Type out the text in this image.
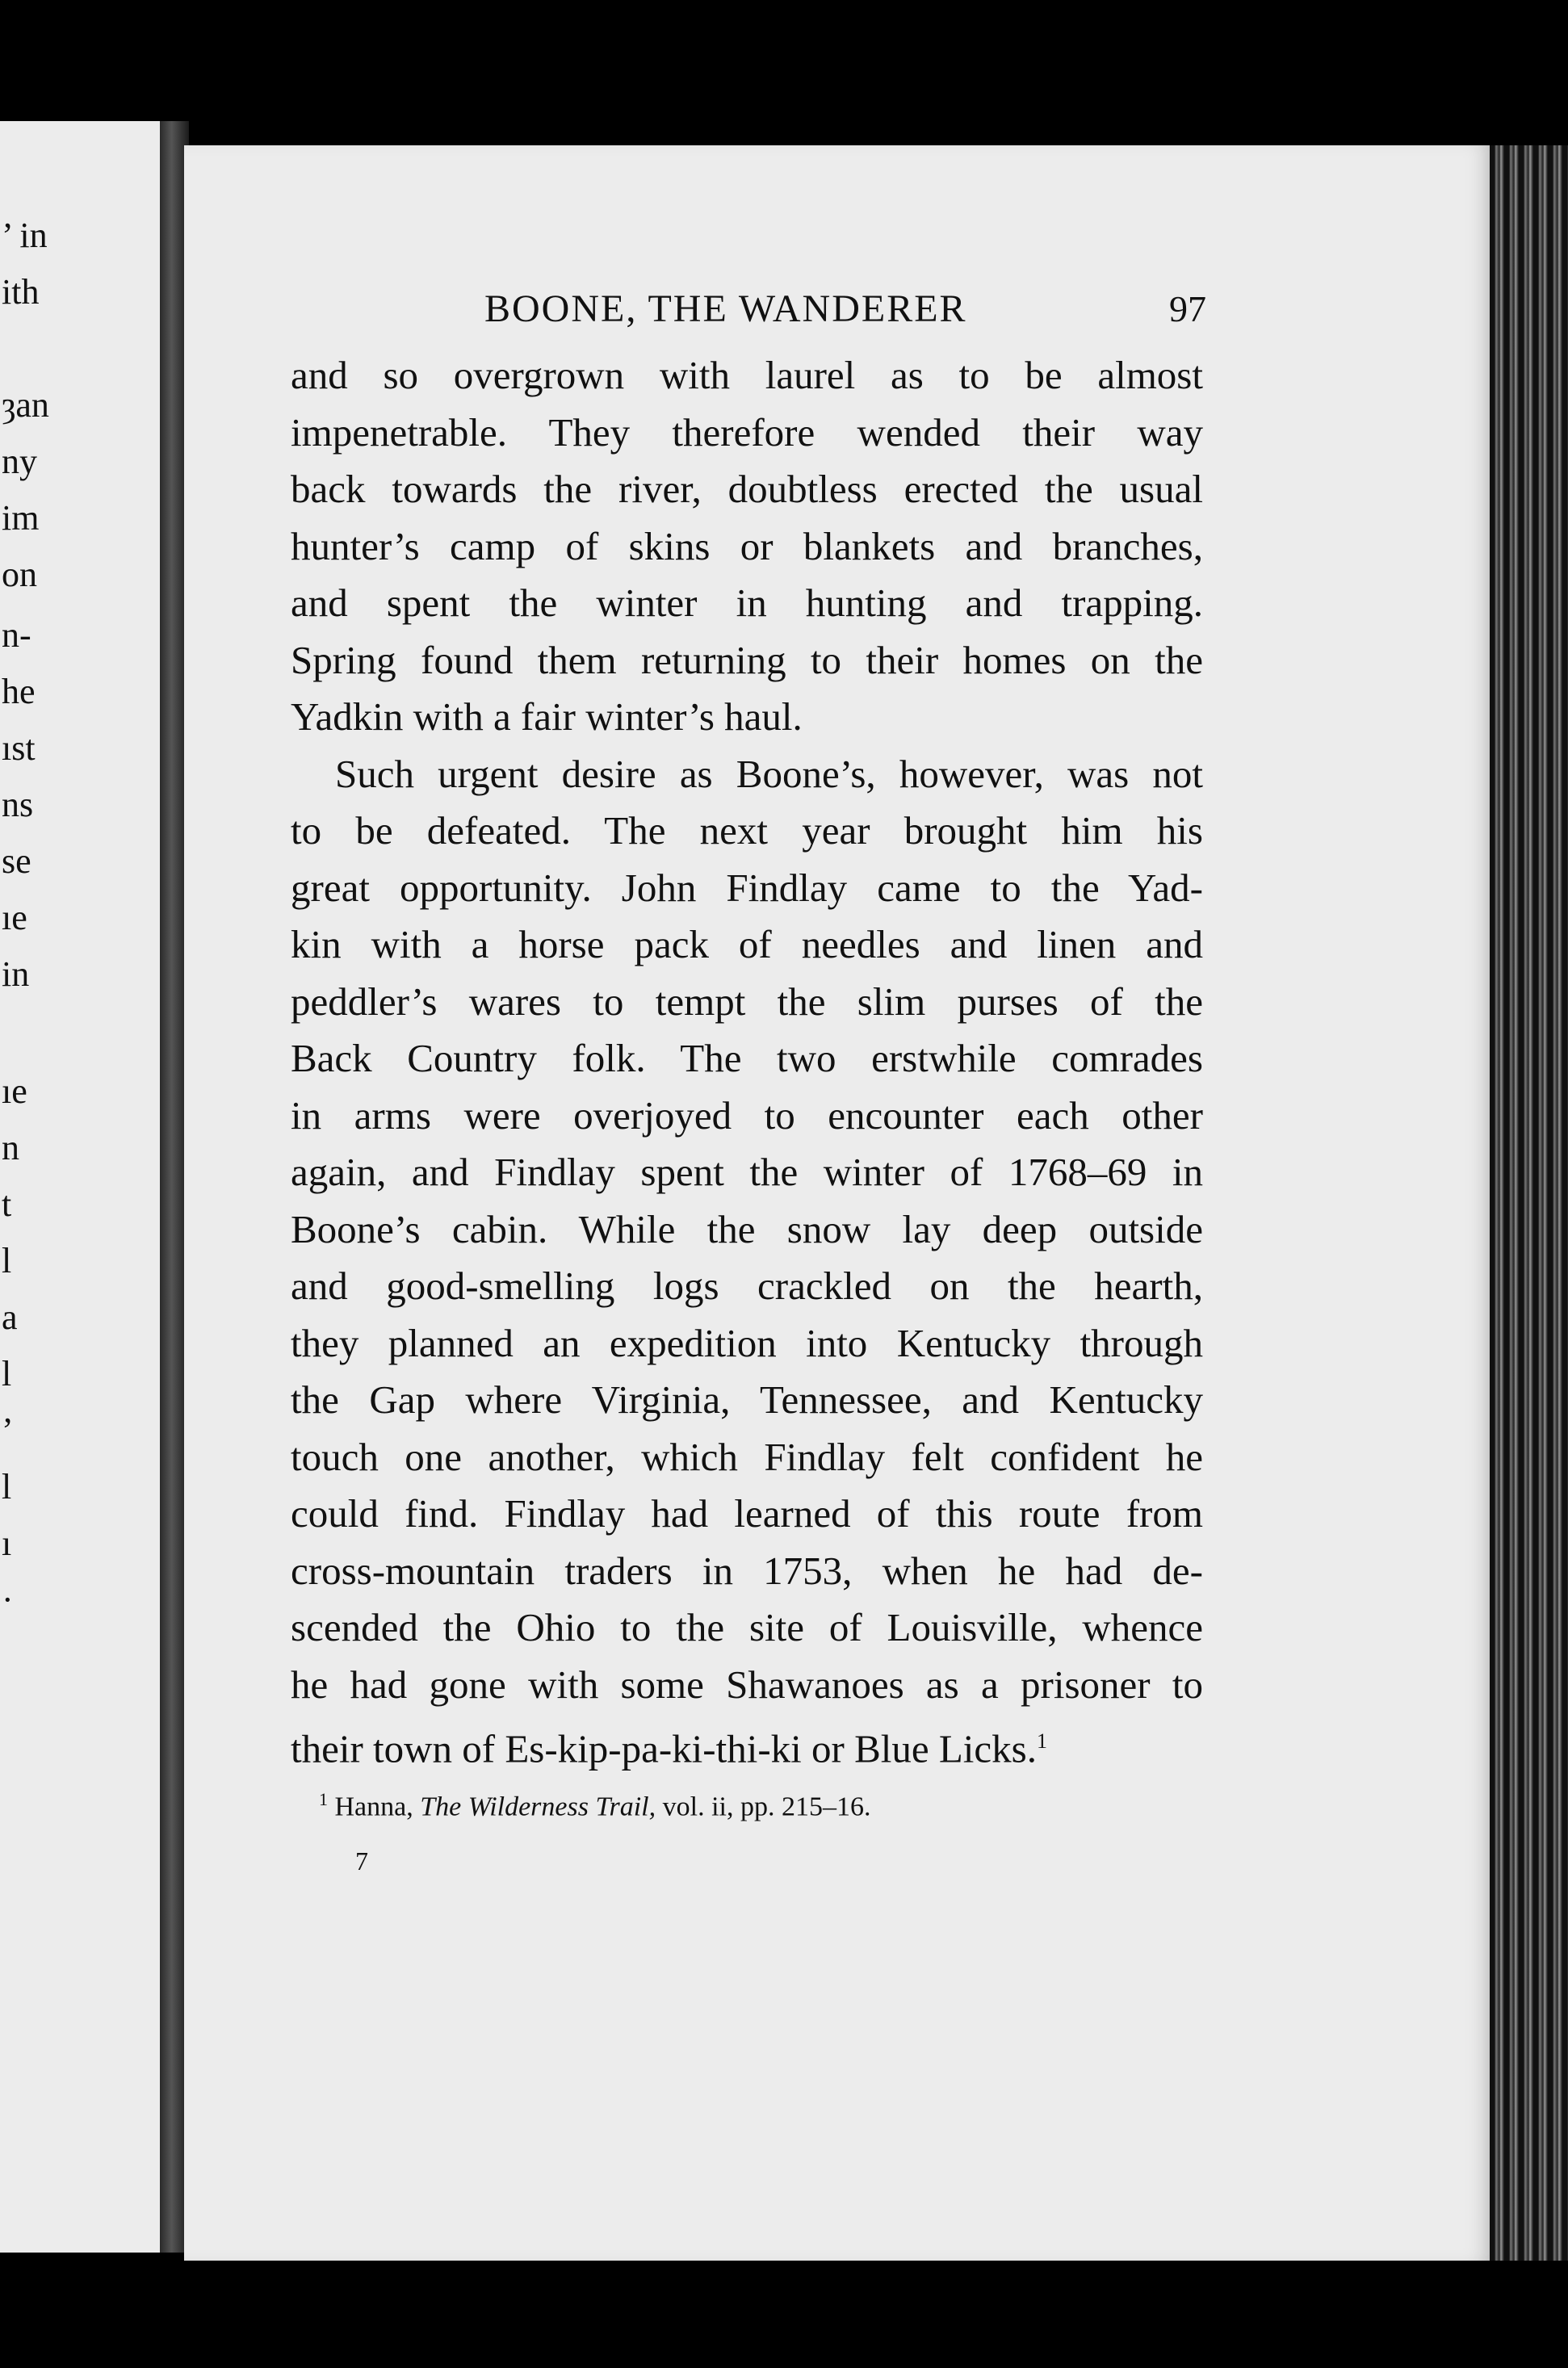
’ in
ith
ȝan
ny
im
on
n-
he
ıst
ns
se
ıe
in
ıe
n
t
l
a
l
’
l
ı
·
BOONE, THE WANDERER	97
and so overgrown with laurel as to be almost
impenetrable. They therefore wended their way
back towards the river, doubtless erected the usual
hunter’s camp of skins or blankets and branches,
and spent the winter in hunting and trapping.
Spring found them returning to their homes on the
Yadkin with a fair winter’s haul.
Such urgent desire as Boone’s, however, was not
to be defeated. The next year brought him his
great opportunity. John Findlay came to the Yad-
kin with a horse pack of needles and linen and
peddler’s wares to tempt the slim purses of the
Back Country folk. The two erstwhile comrades
in arms were overjoyed to encounter each other
again, and Findlay spent the winter of 1768–69 in
Boone’s cabin. While the snow lay deep outside
and good-smelling logs crackled on the hearth,
they planned an expedition into Kentucky through
the Gap where Virginia, Tennessee, and Kentucky
touch one another, which Findlay felt confident he
could find. Findlay had learned of this route from
cross-mountain traders in 1753, when he had de-
scended the Ohio to the site of Louisville, whence
he had gone with some Shawanoes as a prisoner to
their town of Es-kip-pa-ki-thi-ki or Blue Licks.$^1$
$^1$ Hanna, The Wilderness Trail, vol. ii, pp. 215–16.
7
